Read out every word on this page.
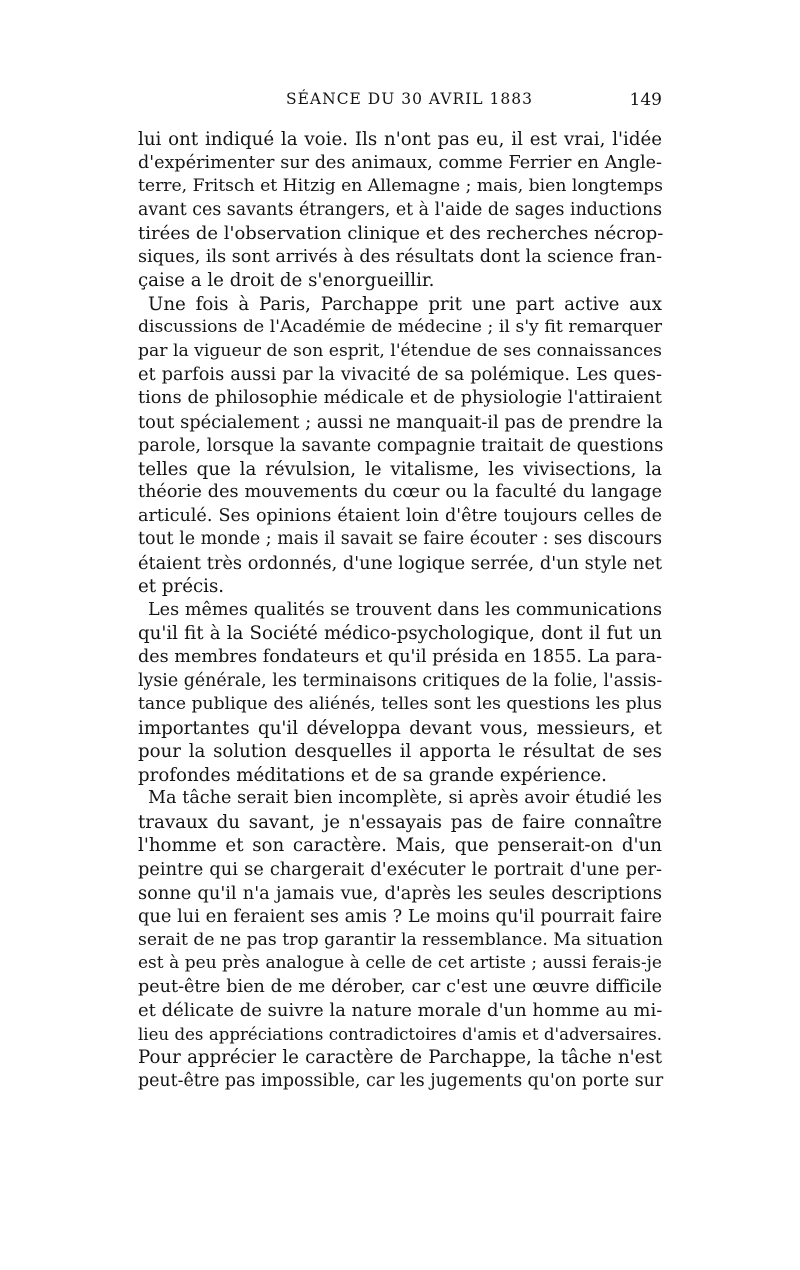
SÉANCE DU 30 AVRIL 1883	149
lui ont indiqué la voie. Ils n'ont pas eu, il est vrai, l'idée
d'expérimenter sur des animaux, comme Ferrier en Angle-
terre, Fritsch et Hitzig en Allemagne ; mais, bien longtemps
avant ces savants étrangers, et à l'aide de sages inductions
tirées de l'observation clinique et des recherches nécrop-
siques, ils sont arrivés à des résultats dont la science fran-
çaise a le droit de s'enorgueillir.
Une fois à Paris, Parchappe prit une part active aux
discussions de l'Académie de médecine ; il s'y fit remarquer
par la vigueur de son esprit, l'étendue de ses connaissances
et parfois aussi par la vivacité de sa polémique. Les ques-
tions de philosophie médicale et de physiologie l'attiraient
tout spécialement ; aussi ne manquait-il pas de prendre la
parole, lorsque la savante compagnie traitait de questions
telles que la révulsion, le vitalisme, les vivisections, la
théorie des mouvements du cœur ou la faculté du langage
articulé. Ses opinions étaient loin d'être toujours celles de
tout le monde ; mais il savait se faire écouter : ses discours
étaient très ordonnés, d'une logique serrée, d'un style net
et précis.
Les mêmes qualités se trouvent dans les communications
qu'il fit à la Société médico-psychologique, dont il fut un
des membres fondateurs et qu'il présida en 1855. La para-
lysie générale, les terminaisons critiques de la folie, l'assis-
tance publique des aliénés, telles sont les questions les plus
importantes qu'il développa devant vous, messieurs, et
pour la solution desquelles il apporta le résultat de ses
profondes méditations et de sa grande expérience.
Ma tâche serait bien incomplète, si après avoir étudié les
travaux du savant, je n'essayais pas de faire connaître
l'homme et son caractère. Mais, que penserait-on d'un
peintre qui se chargerait d'exécuter le portrait d'une per-
sonne qu'il n'a jamais vue, d'après les seules descriptions
que lui en feraient ses amis ? Le moins qu'il pourrait faire
serait de ne pas trop garantir la ressemblance. Ma situation
est à peu près analogue à celle de cet artiste ; aussi ferais-je
peut-être bien de me dérober, car c'est une œuvre difficile
et délicate de suivre la nature morale d'un homme au mi-
lieu des appréciations contradictoires d'amis et d'adversaires.
Pour apprécier le caractère de Parchappe, la tâche n'est
peut-être pas impossible, car les jugements qu'on porte sur
